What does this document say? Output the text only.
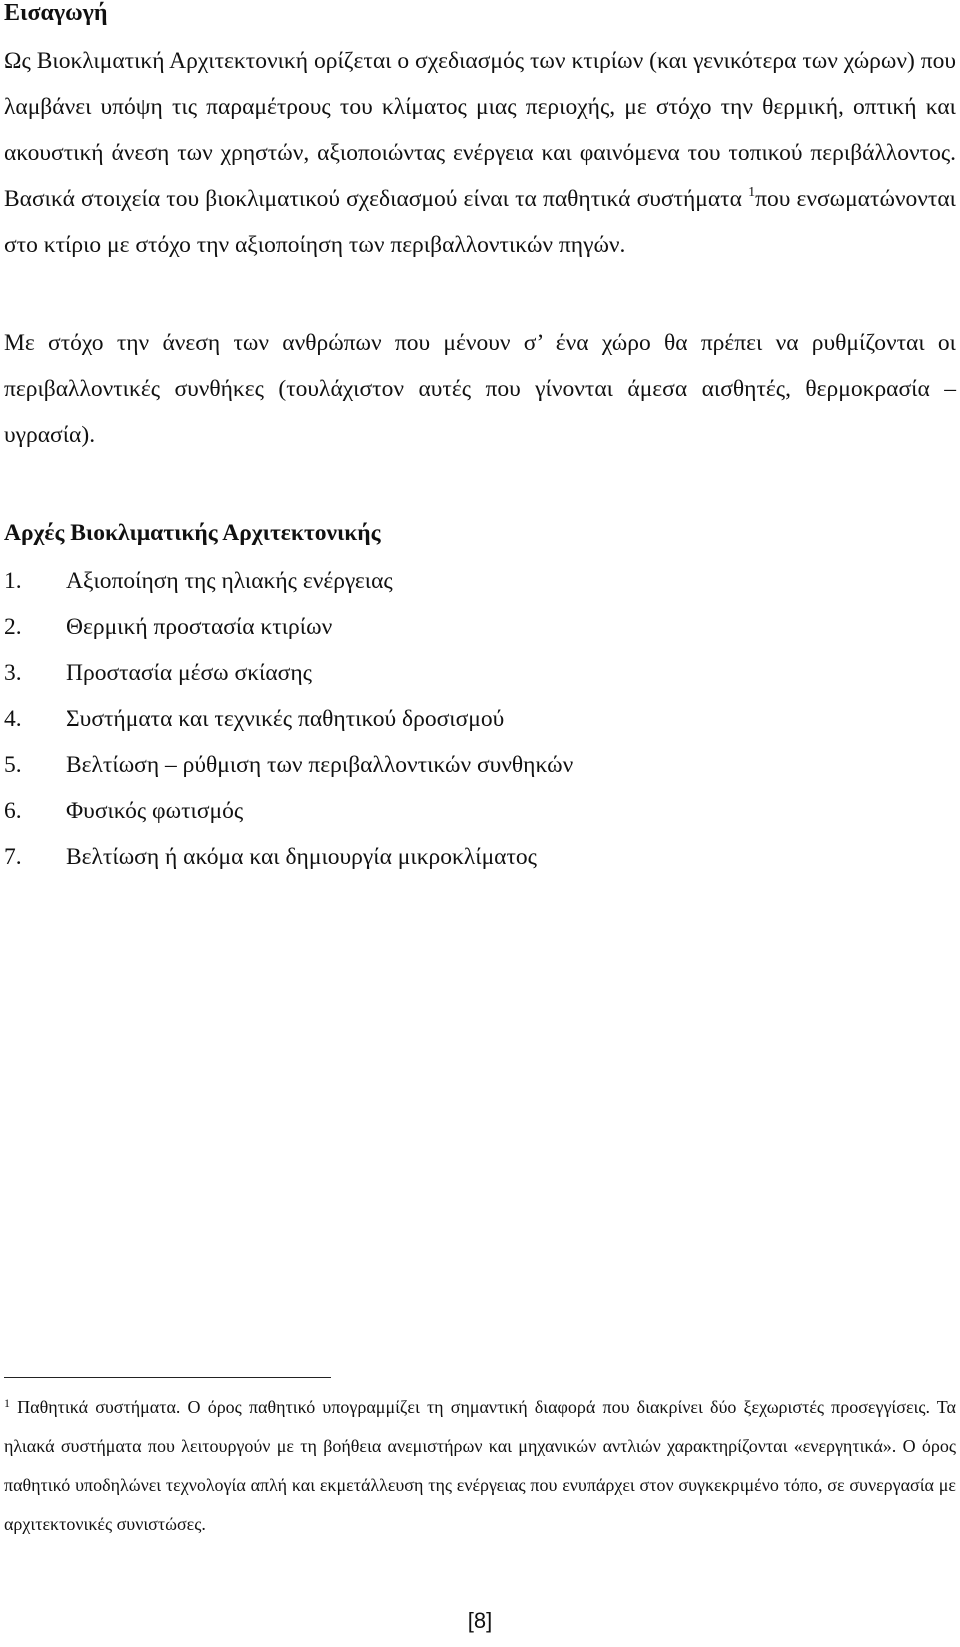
Εισαγωγή

Ως Βιοκλιματική Αρχιτεκτονική ορίζεται ο σχεδιασμός των κτιρίων (και γενικότερα των χώρων) που λαμβάνει υπόψη τις παραμέτρους του κλίματος μιας περιοχής, με στόχο την θερμική, οπτική και ακουστική άνεση των χρηστών, αξιοποιώντας ενέργεια και φαινόμενα του τοπικού περιβάλλοντος. Βασικά στοιχεία του βιοκλιματικού σχεδιασμού είναι τα παθητικά συστήματα $^1$που ενσωματώνονται στο κτίριο με στόχο την αξιοποίηση των περιβαλλοντικών πηγών.

Με στόχο την άνεση των ανθρώπων που μένουν σ’ ένα χώρο θα πρέπει να ρυθμίζονται οι περιβαλλοντικές συνθήκες (τουλάχιστον αυτές που γίνονται άμεσα αισθητές, θερμοκρασία – υγρασία).

Αρχές Βιοκλιματικής Αρχιτεκτονικής
1.	Αξιοποίηση της ηλιακής ενέργειας
2.	Θερμική προστασία κτιρίων
3.	Προστασία μέσω σκίασης
4.	Συστήματα και τεχνικές παθητικού δροσισμού
5.	Βελτίωση – ρύθμιση των περιβαλλοντικών συνθηκών
6.	Φυσικός φωτισμός
7.	Βελτίωση ή ακόμα και δημιουργία μικροκλίματος

$^1$ Παθητικά συστήματα. Ο όρος παθητικό υπογραμμίζει τη σημαντική διαφορά που διακρίνει δύο ξεχωριστές προσεγγίσεις. Τα ηλιακά συστήματα που λειτουργούν με τη βοήθεια ανεμιστήρων και μηχανικών αντλιών χαρακτηρίζονται «ενεργητικά». Ο όρος παθητικό υποδηλώνει τεχνολογία απλή και εκμετάλλευση της ενέργειας που ενυπάρχει στον συγκεκριμένο τόπο, σε συνεργασία με αρχιτεκτονικές συνιστώσες.

[8]
